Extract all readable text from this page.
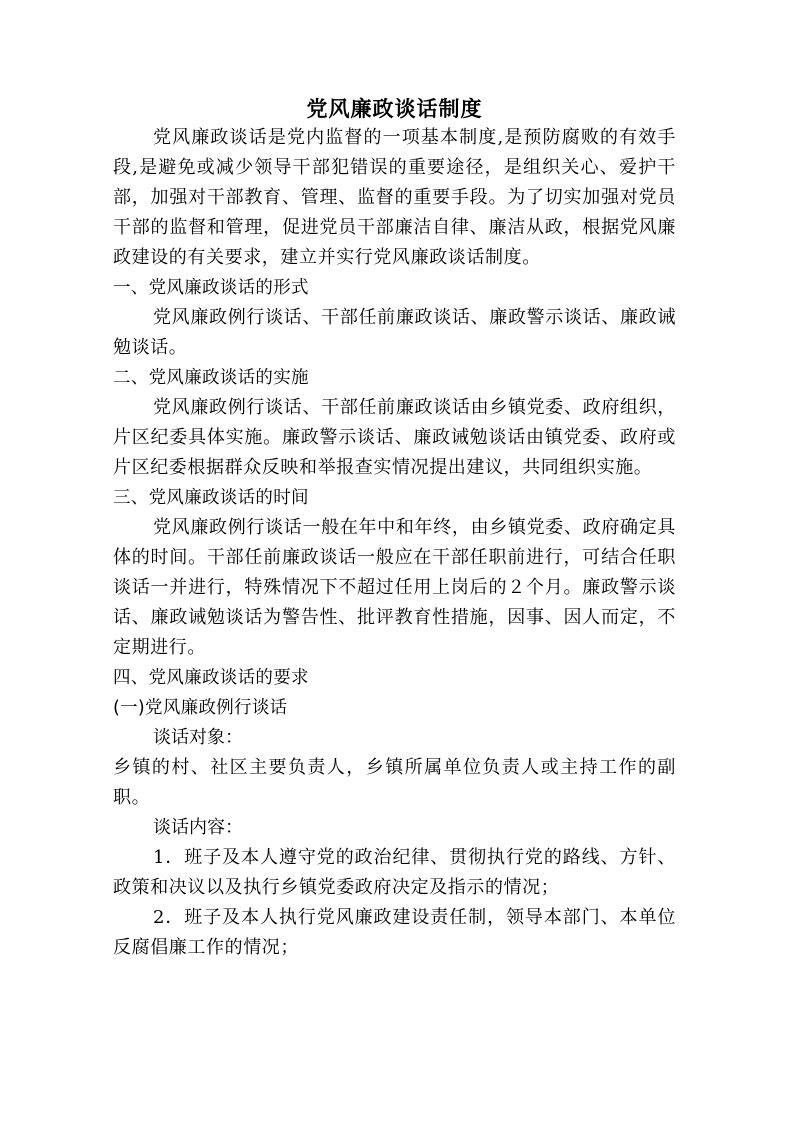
党风廉政谈话制度

党风廉政谈话是党内监督的一项基本制度,是预防腐败的有效手段,是避免或减少领导干部犯错误的重要途径，是组织关心、爱护干部，加强对干部教育、管理、监督的重要手段。为了切实加强对党员干部的监督和管理，促进党员干部廉洁自律、廉洁从政，根据党风廉政建设的有关要求，建立并实行党风廉政谈话制度。

一、党风廉政谈话的形式

党风廉政例行谈话、干部任前廉政谈话、廉政警示谈话、廉政诫勉谈话。

二、党风廉政谈话的实施

党风廉政例行谈话、干部任前廉政谈话由乡镇党委、政府组织，片区纪委具体实施。廉政警示谈话、廉政诫勉谈话由镇党委、政府或片区纪委根据群众反映和举报查实情况提出建议，共同组织实施。

三、党风廉政谈话的时间

党风廉政例行谈话一般在年中和年终，由乡镇党委、政府确定具体的时间。干部任前廉政谈话一般应在干部任职前进行，可结合任职谈话一并进行，特殊情况下不超过任用上岗后的２个月。廉政警示谈话、廉政诫勉谈话为警告性、批评教育性措施，因事、因人而定，不定期进行。

四、党风廉政谈话的要求

(一)党风廉政例行谈话

谈话对象：

乡镇的村、社区主要负责人，乡镇所属单位负责人或主持工作的副职。

谈话内容：

1．班子及本人遵守党的政治纪律、贯彻执行党的路线、方针、政策和决议以及执行乡镇党委政府决定及指示的情况；

2．班子及本人执行党风廉政建设责任制，领导本部门、本单位反腐倡廉工作的情况；
